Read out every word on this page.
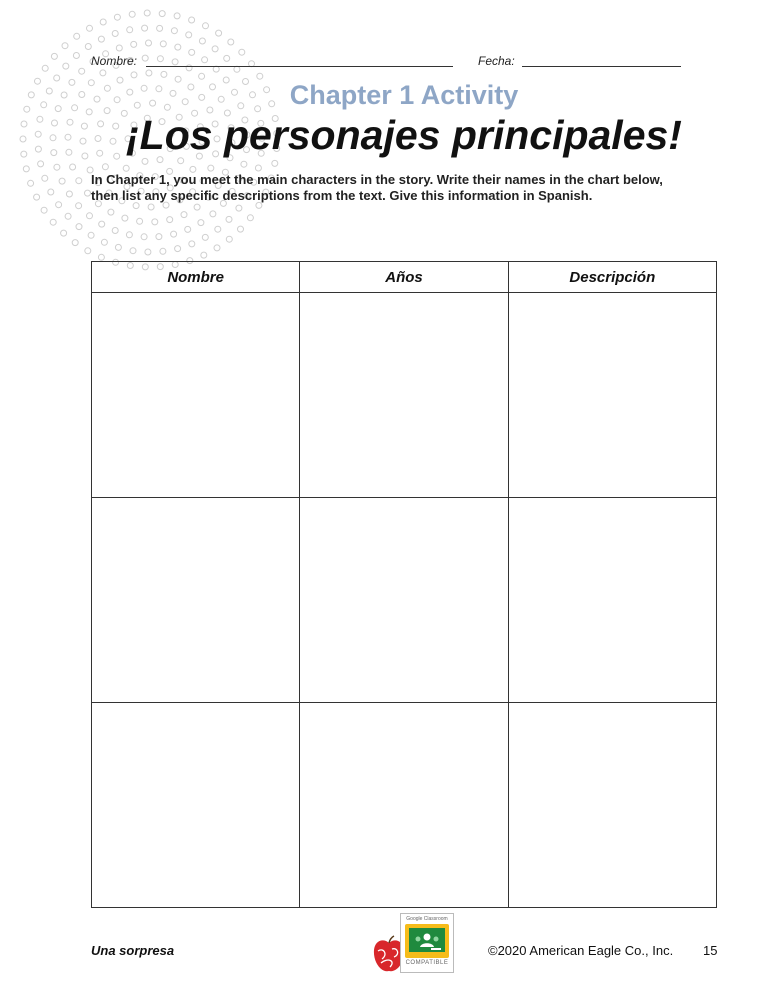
Nombre:	Fecha:
Chapter 1 Activity
¡Los personajes principales!
In Chapter 1, you meet the main characters in the story. Write their names in the chart below,
then list any specific descriptions from the text. Give this information in Spanish.
Nombre	Años	Descripción

Una sorpresa
Google Classroom
COMPATIBLE
©2020 American Eagle Co., Inc. 15
